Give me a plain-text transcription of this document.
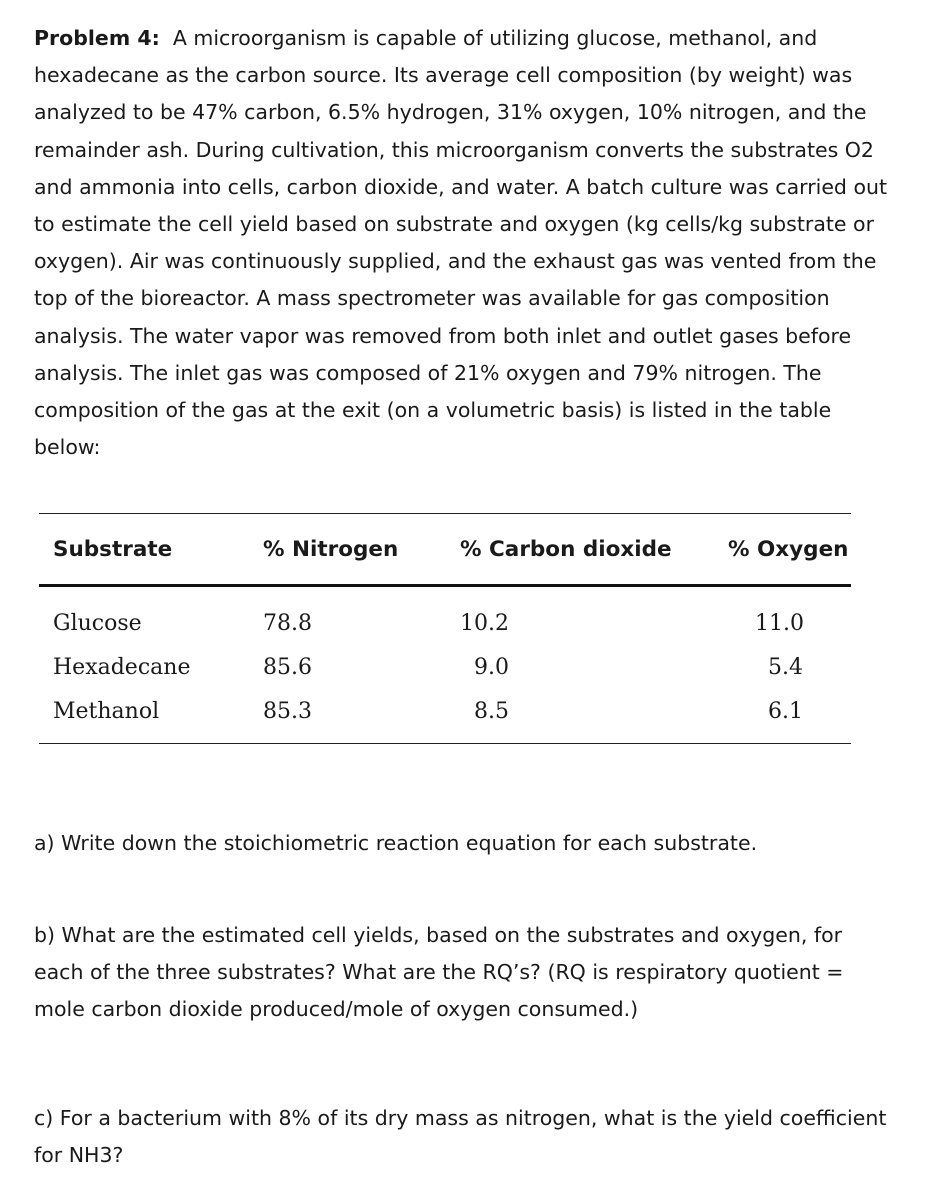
Problem 4: A microorganism is capable of utilizing glucose, methanol, and hexadecane as the carbon source. Its average cell composition (by weight) was analyzed to be 47% carbon, 6.5% hydrogen, 31% oxygen, 10% nitrogen, and the remainder ash. During cultivation, this microorganism converts the substrates O2 and ammonia into cells, carbon dioxide, and water. A batch culture was carried out to estimate the cell yield based on substrate and oxygen (kg cells/kg substrate or oxygen). Air was continuously supplied, and the exhaust gas was vented from the top of the bioreactor. A mass spectrometer was available for gas composition analysis. The water vapor was removed from both inlet and outlet gases before analysis. The inlet gas was composed of 21% oxygen and 79% nitrogen. The composition of the gas at the exit (on a volumetric basis) is listed in the table below:
Substrate	% Nitrogen	% Carbon dioxide	% Oxygen
Glucose	78.8	10.2	11.0
Hexadecane	85.6	9.0	5.4
Methanol	85.3	8.5	6.1
a) Write down the stoichiometric reaction equation for each substrate.
b) What are the estimated cell yields, based on the substrates and oxygen, for each of the three substrates? What are the RQ’s? (RQ is respiratory quotient = mole carbon dioxide produced/mole of oxygen consumed.)
c) For a bacterium with 8% of its dry mass as nitrogen, what is the yield coefficient for NH3?
